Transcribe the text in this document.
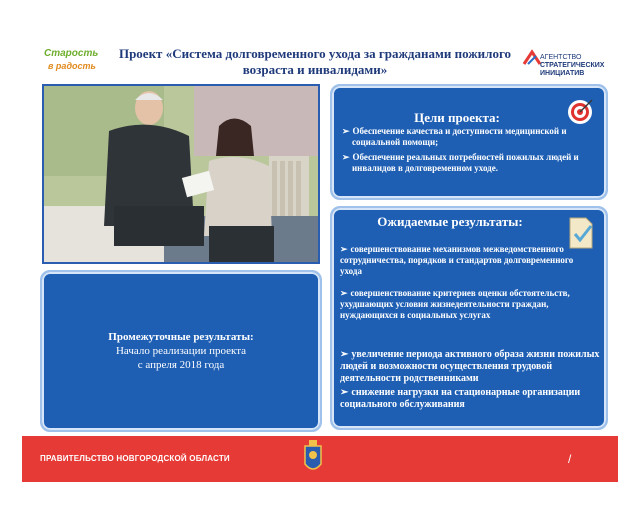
Старость
в радость
Проект «Система долговременного ухода за гражданами пожилого возраста и инвалидами»
АГЕНТСТВО
СТРАТЕГИЧЕСКИХ
ИНИЦИАТИВ
Цели проекта:
➢ Обеспечение качества и доступности медицинской и социальной помощи;
➢ Обеспечение реальных потребностей пожилых людей и инвалидов в долговременном уходе.
Ожидаемые результаты:
➢ совершенствование механизмов межведомственного сотрудничества, порядков и стандартов долговременного ухода
➢ совершенствование критериев оценки обстоятельств, ухудшающих условия жизнедеятельности граждан, нуждающихся в социальных услугах
➢ увеличение периода активного образа жизни пожилых людей и возможности осуществления трудовой деятельности родственниками
➢ снижение нагрузки на стационарные организации социального обслуживания
Промежуточные результаты:
Начало реализации проекта
с апреля 2018 года
ПРАВИТЕЛЬСТВО НОВГОРОДСКОЙ ОБЛАСТИ	/
